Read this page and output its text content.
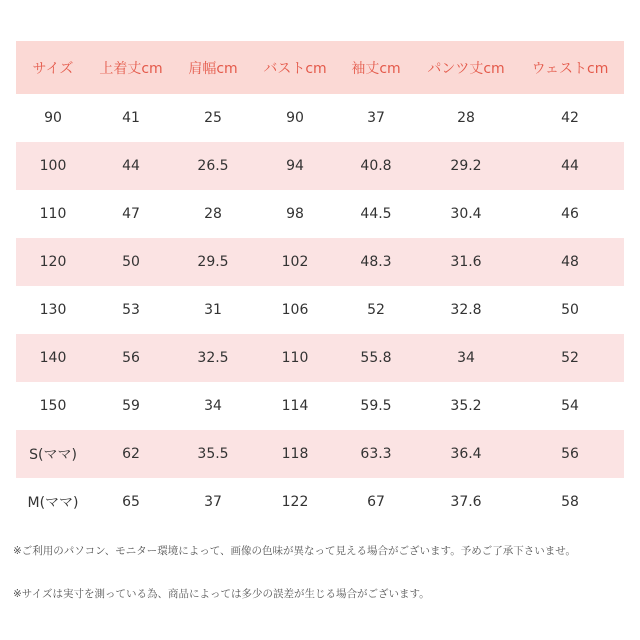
サイズ	上着丈cm	肩幅cm	バストcm	袖丈cm	パンツ丈cm	ウェストcm
90	41	25	90	37	28	42
100	44	26.5	94	40.8	29.2	44
110	47	28	98	44.5	30.4	46
120	50	29.5	102	48.3	31.6	48
130	53	31	106	52	32.8	50
140	56	32.5	110	55.8	34	52
150	59	34	114	59.5	35.2	54
S(ママ)	62	35.5	118	63.3	36.4	56
M(ママ)	65	37	122	67	37.6	58
※ご利用のパソコン、モニター環境によって、画像の色味が異なって見える場合がございます。予めご了承下さいませ。
※サイズは実寸を測っている為、商品によっては多少の誤差が生じる場合がございます。
